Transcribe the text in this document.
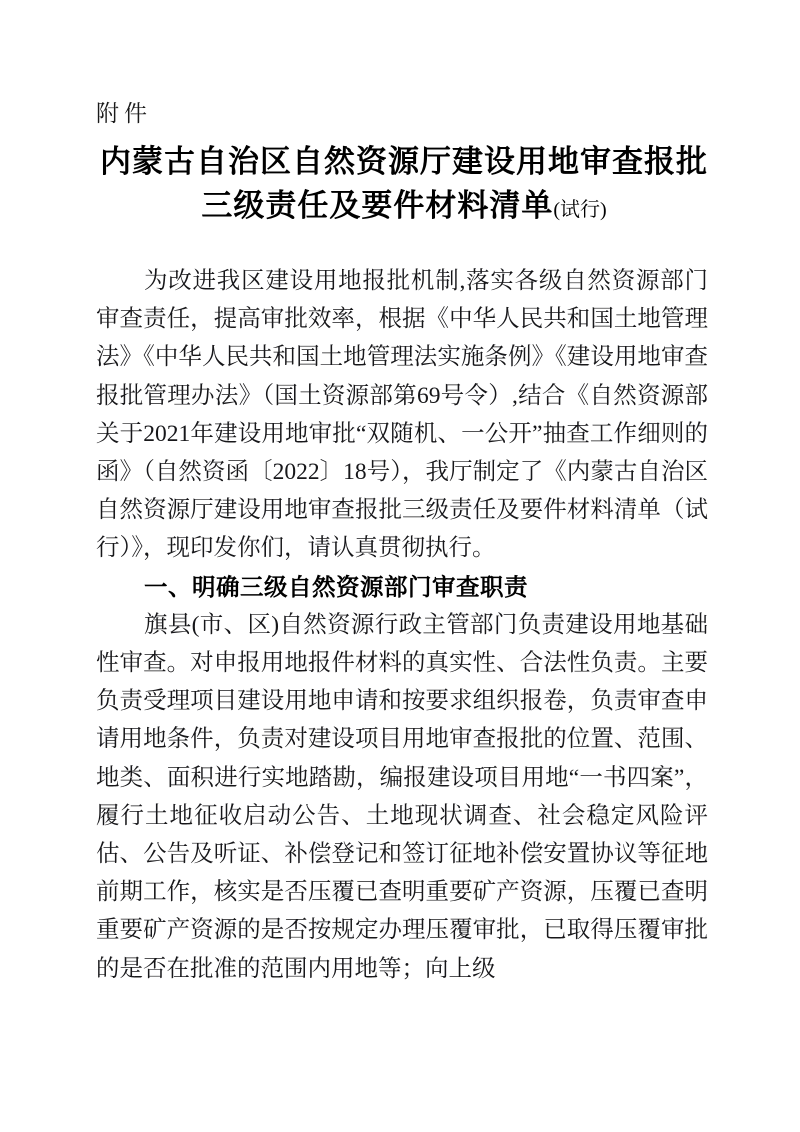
附件
内蒙古自治区自然资源厅建设用地审查报批三级责任及要件材料清单(试行)

为改进我区建设用地报批机制,落实各级自然资源部门审查责任，提高审批效率，根据《中华人民共和国土地管理法》《中华人民共和国土地管理法实施条例》《建设用地审查报批管理办法》（国土资源部第69号令）,结合《自然资源部关于2021年建设用地审批“双随机、一公开”抽查工作细则的函》（自然资函〔2022〕18号），我厅制定了《内蒙古自治区自然资源厅建设用地审查报批三级责任及要件材料清单（试行）》，现印发你们，请认真贯彻执行。

一、明确三级自然资源部门审查职责

旗县(市、区)自然资源行政主管部门负责建设用地基础性审查。对申报用地报件材料的真实性、合法性负责。主要负责受理项目建设用地申请和按要求组织报卷，负责审查申请用地条件，负责对建设项目用地审查报批的位置、范围、地类、面积进行实地踏勘，编报建设项目用地“一书四案”，履行土地征收启动公告、土地现状调查、社会稳定风险评估、公告及听证、补偿登记和签订征地补偿安置协议等征地前期工作，核实是否压覆已查明重要矿产资源，压覆已查明重要矿产资源的是否按规定办理压覆审批，已取得压覆审批的是否在批准的范围内用地等；向上级
